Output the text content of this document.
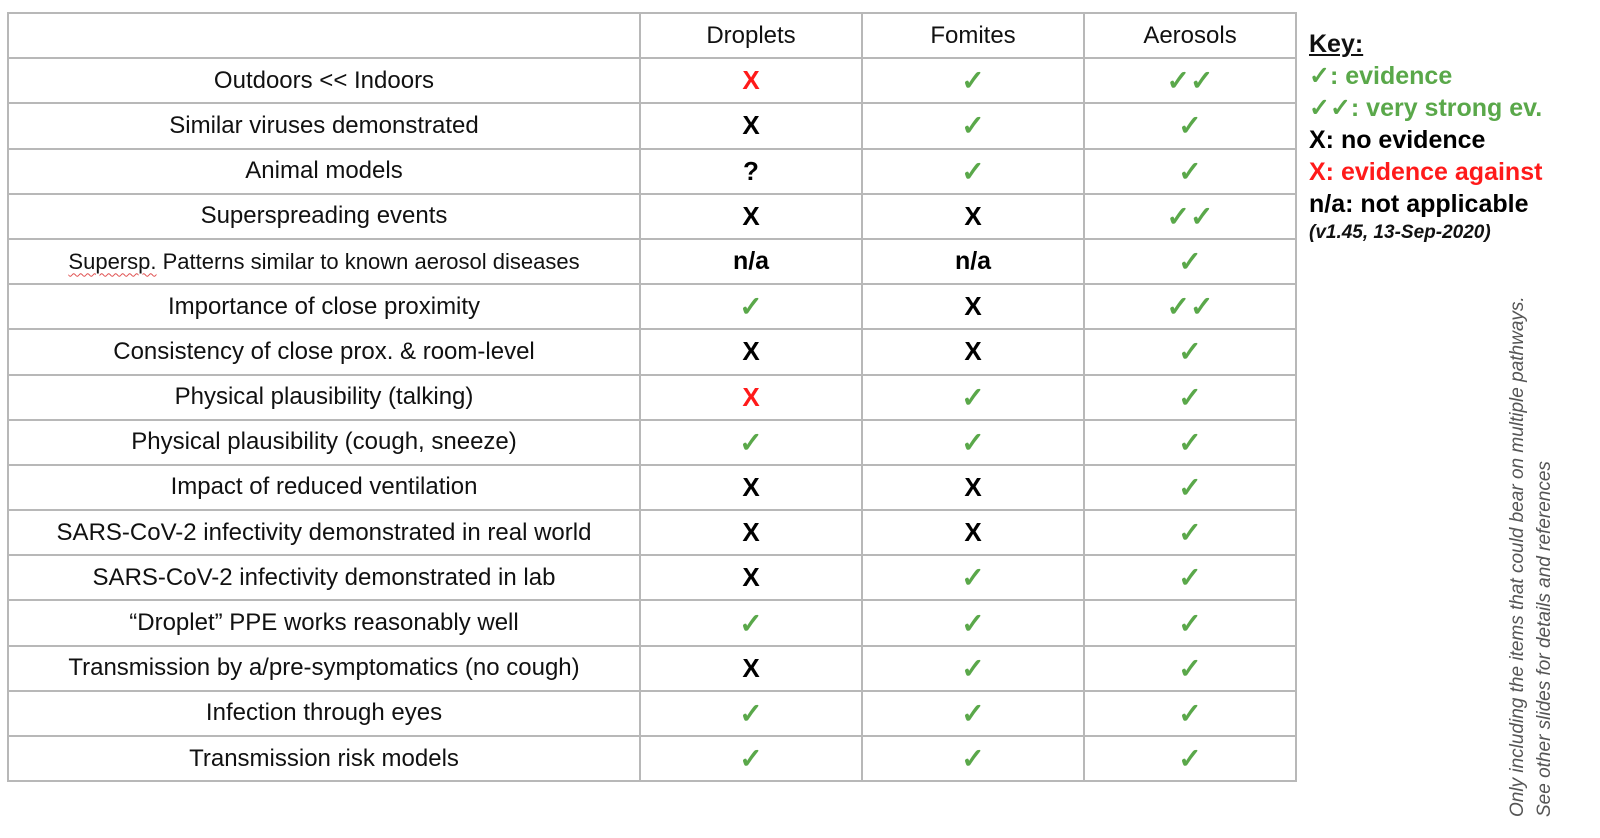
	Droplets	Fomites	Aerosols
Outdoors << Indoors	X	✓	✓✓
Similar viruses demonstrated	X	✓	✓
Animal models	?	✓	✓
Superspreading events	X	X	✓✓
Supersp. Patterns similar to known aerosol diseases	n/a	n/a	✓
Importance of close proximity	✓	X	✓✓
Consistency of close prox. & room-level	X	X	✓
Physical plausibility (talking)	X	✓	✓
Physical plausibility (cough, sneeze)	✓	✓	✓
Impact of reduced ventilation	X	X	✓
SARS-CoV-2 infectivity demonstrated in real world	X	X	✓
SARS-CoV-2 infectivity demonstrated in lab	X	✓	✓
“Droplet” PPE works reasonably well	✓	✓	✓
Transmission by a/pre-symptomatics (no cough)	X	✓	✓
Infection through eyes	✓	✓	✓
Transmission risk models	✓	✓	✓
Key:
✓: evidence
✓✓: very strong ev.
X: no evidence
X: evidence against
n/a: not applicable
(v1.45, 13-Sep-2020)
Only including the items that could bear on multiple pathways. See other slides for details and references
